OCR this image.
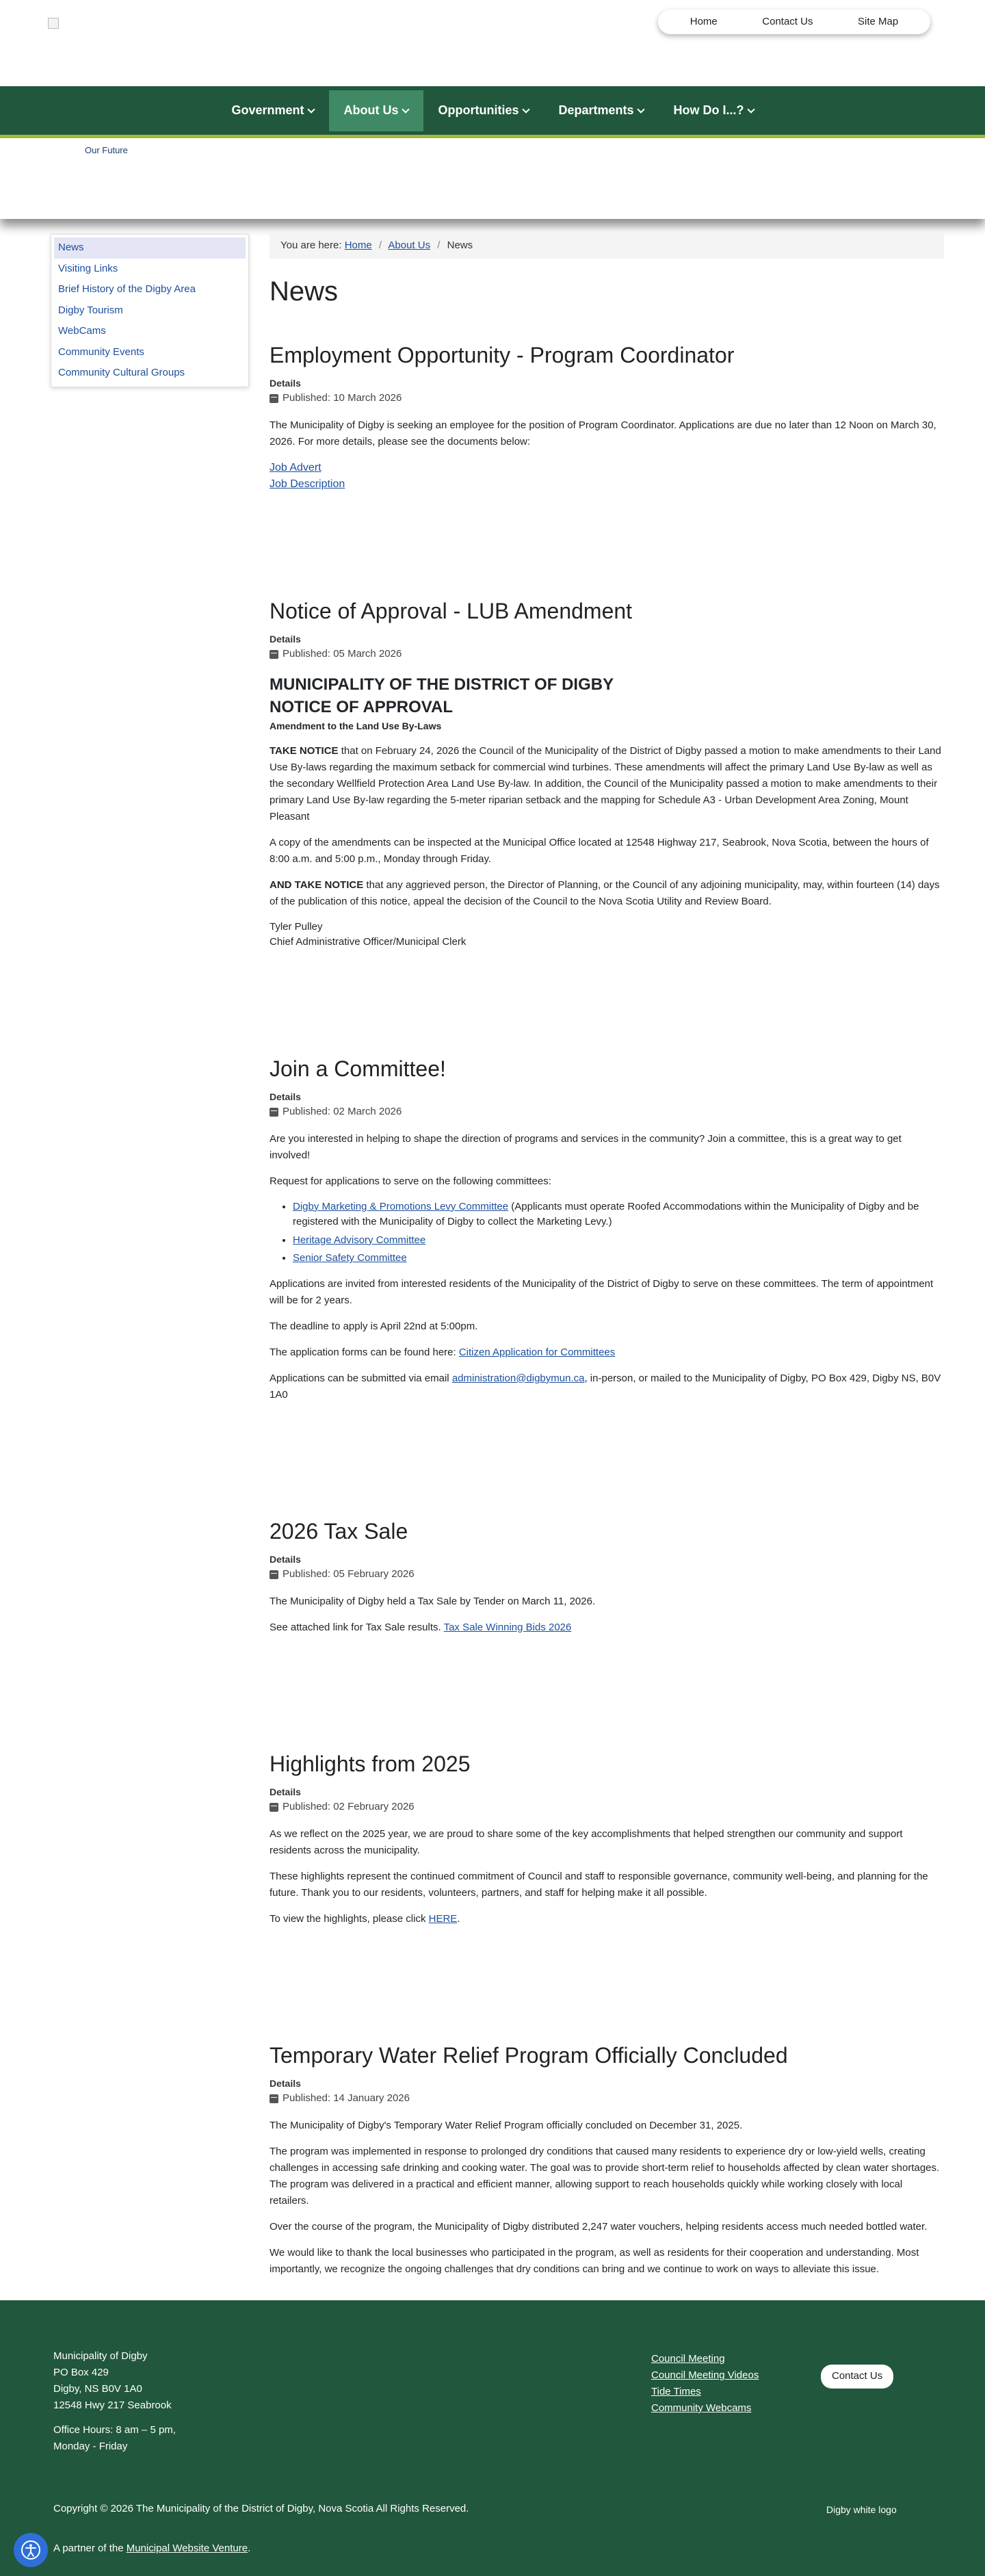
Our Future
Home	Contact Us	Site Map
Government	About Us	Opportunities	Departments	How Do I...?
News
Visiting Links
Brief History of the Digby Area
Digby Tourism
WebCams
Community Events
Community Cultural Groups
You are here: Home / About Us / News
News
Employment Opportunity - Program Coordinator
Details
Published: 10 March 2026

The Municipality of Digby is seeking an employee for the position of Program Coordinator. Applications are due no later than 12 Noon on March 30, 2026. For more details, please see the documents below:

Job Advert
Job Description
Notice of Approval - LUB Amendment
Details
Published: 05 March 2026
MUNICIPALITY OF THE DISTRICT OF DIGBY
NOTICE OF APPROVAL
Amendment to the Land Use By-Laws

TAKE NOTICE that on February 24, 2026 the Council of the Municipality of the District of Digby passed a motion to make amendments to their Land Use By-laws regarding the maximum setback for commercial wind turbines. These amendments will affect the primary Land Use By-law as well as the secondary Wellfield Protection Area Land Use By-law. In addition, the Council of the Municipality passed a motion to make amendments to their primary Land Use By-law regarding the 5-meter riparian setback and the mapping for Schedule A3 - Urban Development Area Zoning, Mount Pleasant

A copy of the amendments can be inspected at the Municipal Office located at 12548 Highway 217, Seabrook, Nova Scotia, between the hours of 8:00 a.m. and 5:00 p.m., Monday through Friday.

AND TAKE NOTICE that any aggrieved person, the Director of Planning, or the Council of any adjoining municipality, may, within fourteen (14) days of the publication of this notice, appeal the decision of the Council to the Nova Scotia Utility and Review Board.

Tyler Pulley
Chief Administrative Officer/Municipal Clerk
Join a Committee!
Details
Published: 02 March 2026

Are you interested in helping to shape the direction of programs and services in the community? Join a committee, this is a great way to get involved!

Request for applications to serve on the following committees:

• Digby Marketing & Promotions Levy Committee (Applicants must operate Roofed Accommodations within the Municipality of Digby and be registered with the Municipality of Digby to collect the Marketing Levy.)
• Heritage Advisory Committee
• Senior Safety Committee

Applications are invited from interested residents of the Municipality of the District of Digby to serve on these committees. The term of appointment will be for 2 years.

The deadline to apply is April 22nd at 5:00pm.

The application forms can be found here: Citizen Application for Committees

Applications can be submitted via email administration@digbymun.ca, in-person, or mailed to the Municipality of Digby, PO Box 429, Digby NS, B0V 1A0

2026 Tax Sale
Details
Published: 05 February 2026

The Municipality of Digby held a Tax Sale by Tender on March 11, 2026.

See attached link for Tax Sale results. Tax Sale Winning Bids 2026

Highlights from 2025
Details
Published: 02 February 2026

As we reflect on the 2025 year, we are proud to share some of the key accomplishments that helped strengthen our community and support residents across the municipality.

These highlights represent the continued commitment of Council and staff to responsible governance, community well-being, and planning for the future. Thank you to our residents, volunteers, partners, and staff for helping make it all possible.

To view the highlights, please click HERE.

Temporary Water Relief Program Officially Concluded
Details
Published: 14 January 2026

The Municipality of Digby's Temporary Water Relief Program officially concluded on December 31, 2025.

The program was implemented in response to prolonged dry conditions that caused many residents to experience dry or low-yield wells, creating challenges in accessing safe drinking and cooking water. The goal was to provide short-term relief to households affected by clean water shortages. The program was delivered in a practical and efficient manner, allowing support to reach households quickly while working closely with local retailers.

Over the course of the program, the Municipality of Digby distributed 2,247 water vouchers, helping residents access much needed bottled water.

We would like to thank the local businesses who participated in the program, as well as residents for their cooperation and understanding. Most importantly, we recognize the ongoing challenges that dry conditions can bring and we continue to work on ways to alleviate this issue.

Municipality of Digby
PO Box 429
Digby, NS B0V 1A0
12548 Hwy 217 Seabrook
Office Hours: 8 am – 5 pm,
Monday - Friday
Council Meeting
Council Meeting Videos
Tide Times
Community Webcams
Contact Us
Copyright © 2026 The Municipality of the District of Digby, Nova Scotia All Rights Reserved.	Digby white logo
A partner of the Municipal Website Venture.
